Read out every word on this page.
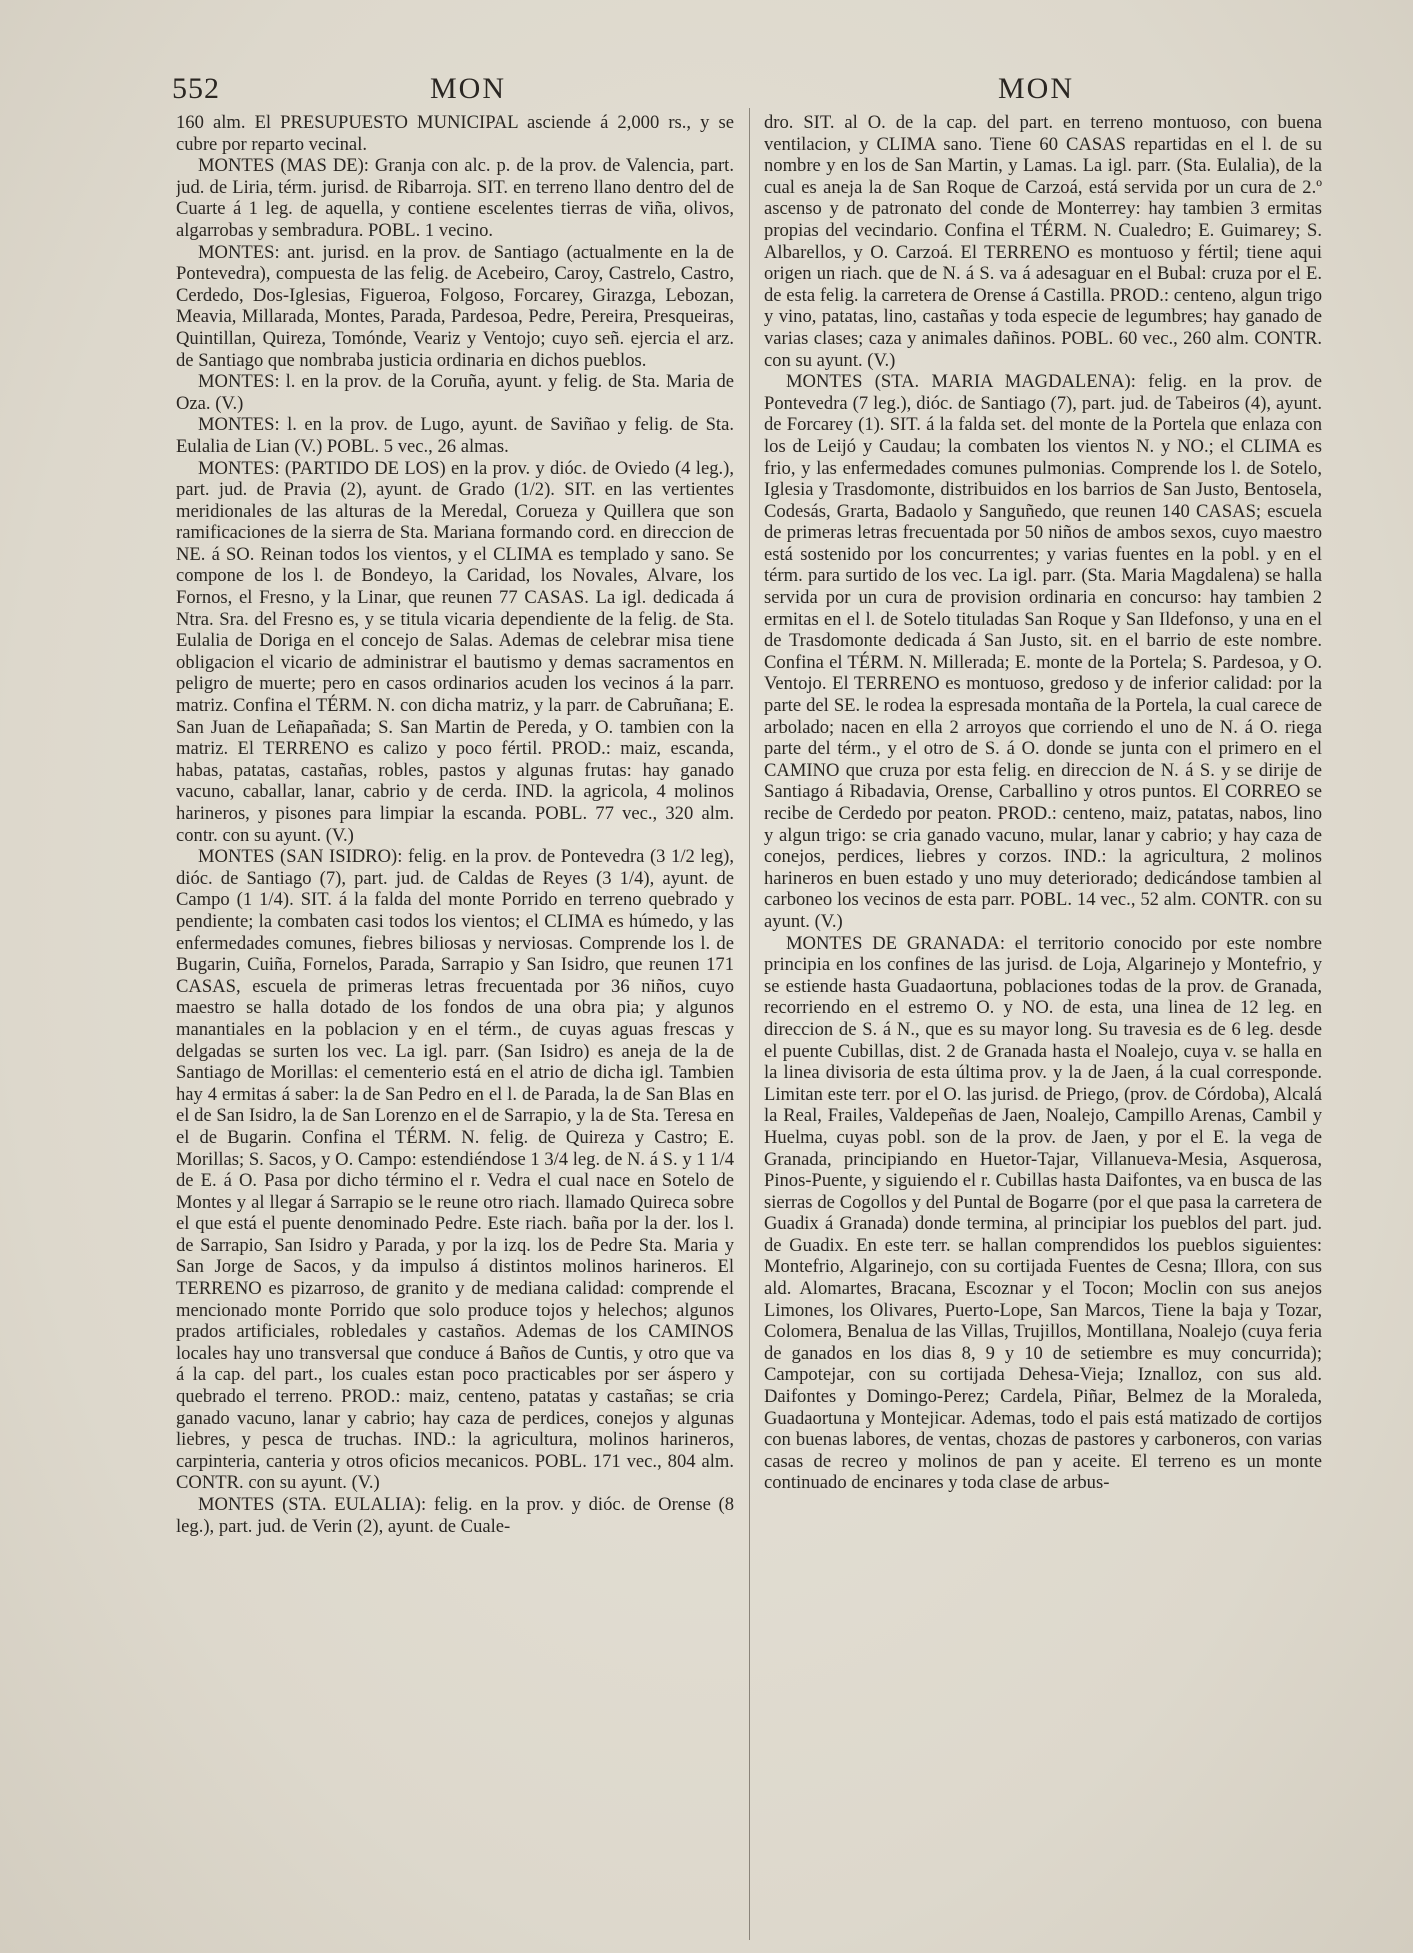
552	MON	MON

160 alm. El PRESUPUESTO MUNICIPAL asciende á 2,000 rs., y se cubre por reparto vecinal.

MONTES (MAS DE): Granja con alc. p. de la prov. de Valencia, part. jud. de Liria, térm. jurisd. de Ribarroja. SIT. en terreno llano dentro del de Cuarte á 1 leg. de aquella, y contiene escelentes tierras de viña, olivos, algarrobas y sembradura. POBL. 1 vecino.

MONTES: ant. jurisd. en la prov. de Santiago (actualmente en la de Pontevedra), compuesta de las felig. de Acebeiro, Caroy, Castrelo, Castro, Cerdedo, Dos-Iglesias, Figueroa, Folgoso, Forcarey, Girazga, Lebozan, Meavia, Millarada, Montes, Parada, Pardesoa, Pedre, Pereira, Presqueiras, Quintillan, Quireza, Tomónde, Veariz y Ventojo; cuyo señ. ejercia el arz. de Santiago que nombraba justicia ordinaria en dichos pueblos.

MONTES: l. en la prov. de la Coruña, ayunt. y felig. de Sta. Maria de Oza. (V.)

MONTES: l. en la prov. de Lugo, ayunt. de Saviñao y felig. de Sta. Eulalia de Lian (V.) POBL. 5 vec., 26 almas.

MONTES: (PARTIDO DE LOS) en la prov. y dióc. de Oviedo (4 leg.), part. jud. de Pravia (2), ayunt. de Grado (1/2). SIT. en las vertientes meridionales de las alturas de la Meredal, Corueza y Quillera que son ramificaciones de la sierra de Sta. Mariana formando cord. en direccion de NE. á SO. Reinan todos los vientos, y el CLIMA es templado y sano. Se compone de los l. de Bondeyo, la Caridad, los Novales, Alvare, los Fornos, el Fresno, y la Linar, que reunen 77 CASAS. La igl. dedicada á Ntra. Sra. del Fresno es, y se titula vicaria dependiente de la felig. de Sta. Eulalia de Doriga en el concejo de Salas. Ademas de celebrar misa tiene obligacion el vicario de administrar el bautismo y demas sacramentos en peligro de muerte; pero en casos ordinarios acuden los vecinos á la parr. matriz. Confina el TÉRM. N. con dicha matriz, y la parr. de Cabruñana; E. San Juan de Leñapañada; S. San Martin de Pereda, y O. tambien con la matriz. El TERRENO es calizo y poco fértil. PROD.: maiz, escanda, habas, patatas, castañas, robles, pastos y algunas frutas: hay ganado vacuno, caballar, lanar, cabrio y de cerda. IND. la agricola, 4 molinos harineros, y pisones para limpiar la escanda. POBL. 77 vec., 320 alm. contr. con su ayunt. (V.)

MONTES (SAN ISIDRO): felig. en la prov. de Pontevedra (3 1/2 leg), dióc. de Santiago (7), part. jud. de Caldas de Reyes (3 1/4), ayunt. de Campo (1 1/4). SIT. á la falda del monte Porrido en terreno quebrado y pendiente; la combaten casi todos los vientos; el CLIMA es húmedo, y las enfermedades comunes, fiebres biliosas y nerviosas. Comprende los l. de Bugarin, Cuiña, Fornelos, Parada, Sarrapio y San Isidro, que reunen 171 CASAS, escuela de primeras letras frecuentada por 36 niños, cuyo maestro se halla dotado de los fondos de una obra pia; y algunos manantiales en la poblacion y en el térm., de cuyas aguas frescas y delgadas se surten los vec. La igl. parr. (San Isidro) es aneja de la de Santiago de Morillas: el cementerio está en el atrio de dicha igl. Tambien hay 4 ermitas á saber: la de San Pedro en el l. de Parada, la de San Blas en el de San Isidro, la de San Lorenzo en el de Sarrapio, y la de Sta. Teresa en el de Bugarin. Confina el TÉRM. N. felig. de Quireza y Castro; E. Morillas; S. Sacos, y O. Campo: estendiéndose 1 3/4 leg. de N. á S. y 1 1/4 de E. á O. Pasa por dicho término el r. Vedra el cual nace en Sotelo de Montes y al llegar á Sarrapio se le reune otro riach. llamado Quireca sobre el que está el puente denominado Pedre. Este riach. baña por la der. los l. de Sarrapio, San Isidro y Parada, y por la izq. los de Pedre Sta. Maria y San Jorge de Sacos, y da impulso á distintos molinos harineros. El TERRENO es pizarroso, de granito y de mediana calidad: comprende el mencionado monte Porrido que solo produce tojos y helechos; algunos prados artificiales, robledales y castaños. Ademas de los CAMINOS locales hay uno transversal que conduce á Baños de Cuntis, y otro que va á la cap. del part., los cuales estan poco practicables por ser áspero y quebrado el terreno. PROD.: maiz, centeno, patatas y castañas; se cria ganado vacuno, lanar y cabrio; hay caza de perdices, conejos y algunas liebres, y pesca de truchas. IND.: la agricultura, molinos harineros, carpinteria, canteria y otros oficios mecanicos. POBL. 171 vec., 804 alm. CONTR. con su ayunt. (V.)

MONTES (STA. EULALIA): felig. en la prov. y dióc. de Orense (8 leg.), part. jud. de Verin (2), ayunt. de Cuale-

dro. SIT. al O. de la cap. del part. en terreno montuoso, con buena ventilacion, y CLIMA sano. Tiene 60 CASAS repartidas en el l. de su nombre y en los de San Martin, y Lamas. La igl. parr. (Sta. Eulalia), de la cual es aneja la de San Roque de Carzoá, está servida por un cura de 2.º ascenso y de patronato del conde de Monterrey: hay tambien 3 ermitas propias del vecindario. Confina el TÉRM. N. Cualedro; E. Guimarey; S. Albarellos, y O. Carzoá. El TERRENO es montuoso y fértil; tiene aqui origen un riach. que de N. á S. va á adesaguar en el Bubal: cruza por el E. de esta felig. la carretera de Orense á Castilla. PROD.: centeno, algun trigo y vino, patatas, lino, castañas y toda especie de legumbres; hay ganado de varias clases; caza y animales dañinos. POBL. 60 vec., 260 alm. CONTR. con su ayunt. (V.)

MONTES (STA. MARIA MAGDALENA): felig. en la prov. de Pontevedra (7 leg.), dióc. de Santiago (7), part. jud. de Tabeiros (4), ayunt. de Forcarey (1). SIT. á la falda set. del monte de la Portela que enlaza con los de Leijó y Caudau; la combaten los vientos N. y NO.; el CLIMA es frio, y las enfermedades comunes pulmonias. Comprende los l. de Sotelo, Iglesia y Trasdomonte, distribuidos en los barrios de San Justo, Bentosela, Codesás, Grarta, Badaolo y Sanguñedo, que reunen 140 CASAS; escuela de primeras letras frecuentada por 50 niños de ambos sexos, cuyo maestro está sostenido por los concurrentes; y varias fuentes en la pobl. y en el térm. para surtido de los vec. La igl. parr. (Sta. Maria Magdalena) se halla servida por un cura de provision ordinaria en concurso: hay tambien 2 ermitas en el l. de Sotelo tituladas San Roque y San Ildefonso, y una en el de Trasdomonte dedicada á San Justo, sit. en el barrio de este nombre. Confina el TÉRM. N. Millerada; E. monte de la Portela; S. Pardesoa, y O. Ventojo. El TERRENO es montuoso, gredoso y de inferior calidad: por la parte del SE. le rodea la espresada montaña de la Portela, la cual carece de arbolado; nacen en ella 2 arroyos que corriendo el uno de N. á O. riega parte del térm., y el otro de S. á O. donde se junta con el primero en el CAMINO que cruza por esta felig. en direccion de N. á S. y se dirije de Santiago á Ribadavia, Orense, Carballino y otros puntos. El CORREO se recibe de Cerdedo por peaton. PROD.: centeno, maiz, patatas, nabos, lino y algun trigo: se cria ganado vacuno, mular, lanar y cabrio; y hay caza de conejos, perdices, liebres y corzos. IND.: la agricultura, 2 molinos harineros en buen estado y uno muy deteriorado; dedicándose tambien al carboneo los vecinos de esta parr. POBL. 14 vec., 52 alm. CONTR. con su ayunt. (V.)

MONTES DE GRANADA: el territorio conocido por este nombre principia en los confines de las jurisd. de Loja, Algarinejo y Montefrio, y se estiende hasta Guadaortuna, poblaciones todas de la prov. de Granada, recorriendo en el estremo O. y NO. de esta, una linea de 12 leg. en direccion de S. á N., que es su mayor long. Su travesia es de 6 leg. desde el puente Cubillas, dist. 2 de Granada hasta el Noalejo, cuya v. se halla en la linea divisoria de esta última prov. y la de Jaen, á la cual corresponde. Limitan este terr. por el O. las jurisd. de Priego, (prov. de Córdoba), Alcalá la Real, Frailes, Valdepeñas de Jaen, Noalejo, Campillo Arenas, Cambil y Huelma, cuyas pobl. son de la prov. de Jaen, y por el E. la vega de Granada, principiando en Huetor-Tajar, Villanueva-Mesia, Asquerosa, Pinos-Puente, y siguiendo el r. Cubillas hasta Daifontes, va en busca de las sierras de Cogollos y del Puntal de Bogarre (por el que pasa la carretera de Guadix á Granada) donde termina, al principiar los pueblos del part. jud. de Guadix. En este terr. se hallan comprendidos los pueblos siguientes: Montefrio, Algarinejo, con su cortijada Fuentes de Cesna; Illora, con sus ald. Alomartes, Bracana, Escoznar y el Tocon; Moclin con sus anejos Limones, los Olivares, Puerto-Lope, San Marcos, Tiene la baja y Tozar, Colomera, Benalua de las Villas, Trujillos, Montillana, Noalejo (cuya feria de ganados en los dias 8, 9 y 10 de setiembre es muy concurrida); Campotejar, con su cortijada Dehesa-Vieja; Iznalloz, con sus ald. Daifontes y Domingo-Perez; Cardela, Piñar, Belmez de la Moraleda, Guadaortuna y Montejicar. Ademas, todo el pais está matizado de cortijos con buenas labores, de ventas, chozas de pastores y carboneros, con varias casas de recreo y molinos de pan y aceite. El terreno es un monte continuado de encinares y toda clase de arbus-
